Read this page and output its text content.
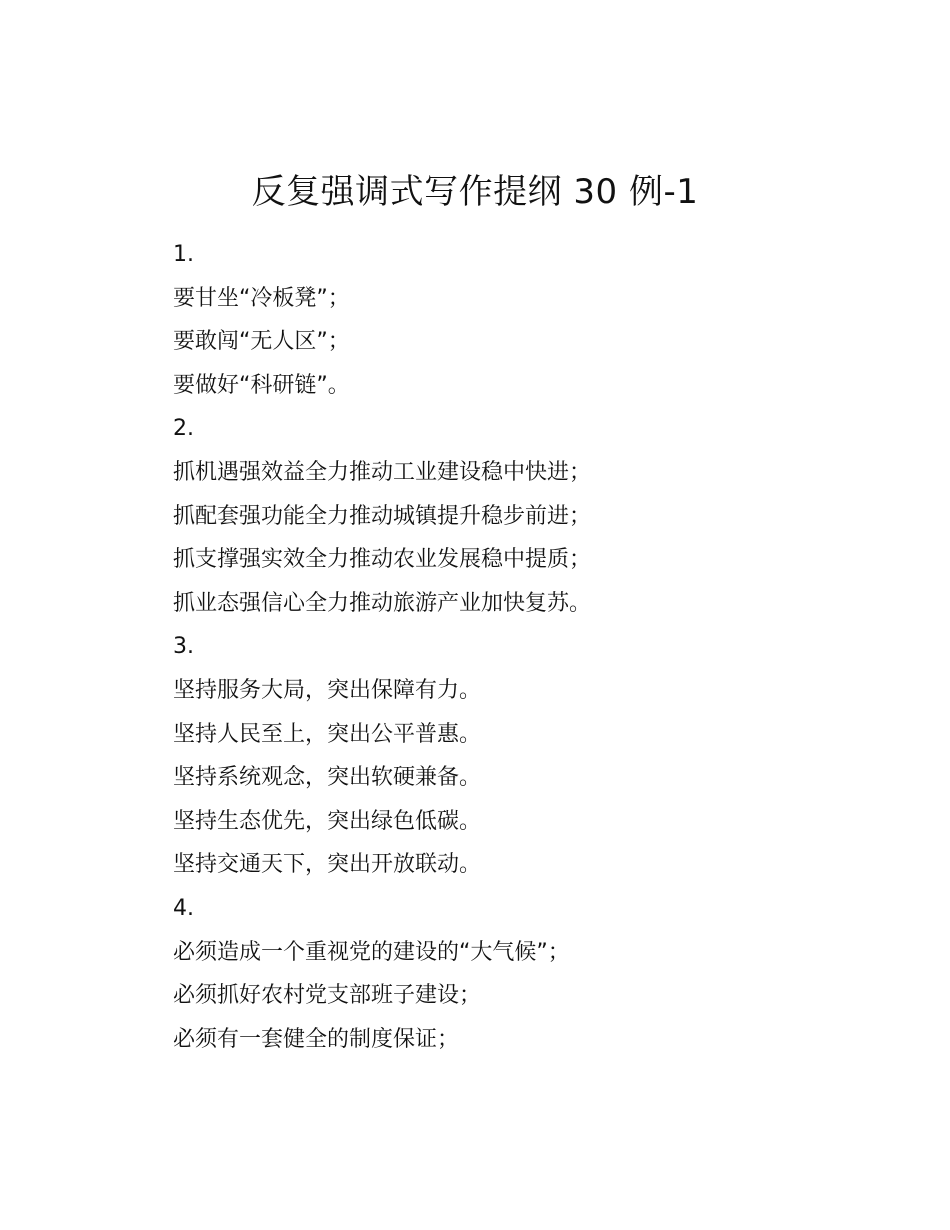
反复强调式写作提纲 30 例-1

1.

要甘坐“冷板凳”；

要敢闯“无人区”；

要做好“科研链”。

2.

抓机遇强效益全力推动工业建设稳中快进；

抓配套强功能全力推动城镇提升稳步前进；

抓支撑强实效全力推动农业发展稳中提质；

抓业态强信心全力推动旅游产业加快复苏。

3.

坚持服务大局，突出保障有力。

坚持人民至上，突出公平普惠。

坚持系统观念，突出软硬兼备。

坚持生态优先，突出绿色低碳。

坚持交通天下，突出开放联动。

4.

必须造成一个重视党的建设的“大气候”；

必须抓好农村党支部班子建设；

必须有一套健全的制度保证；
